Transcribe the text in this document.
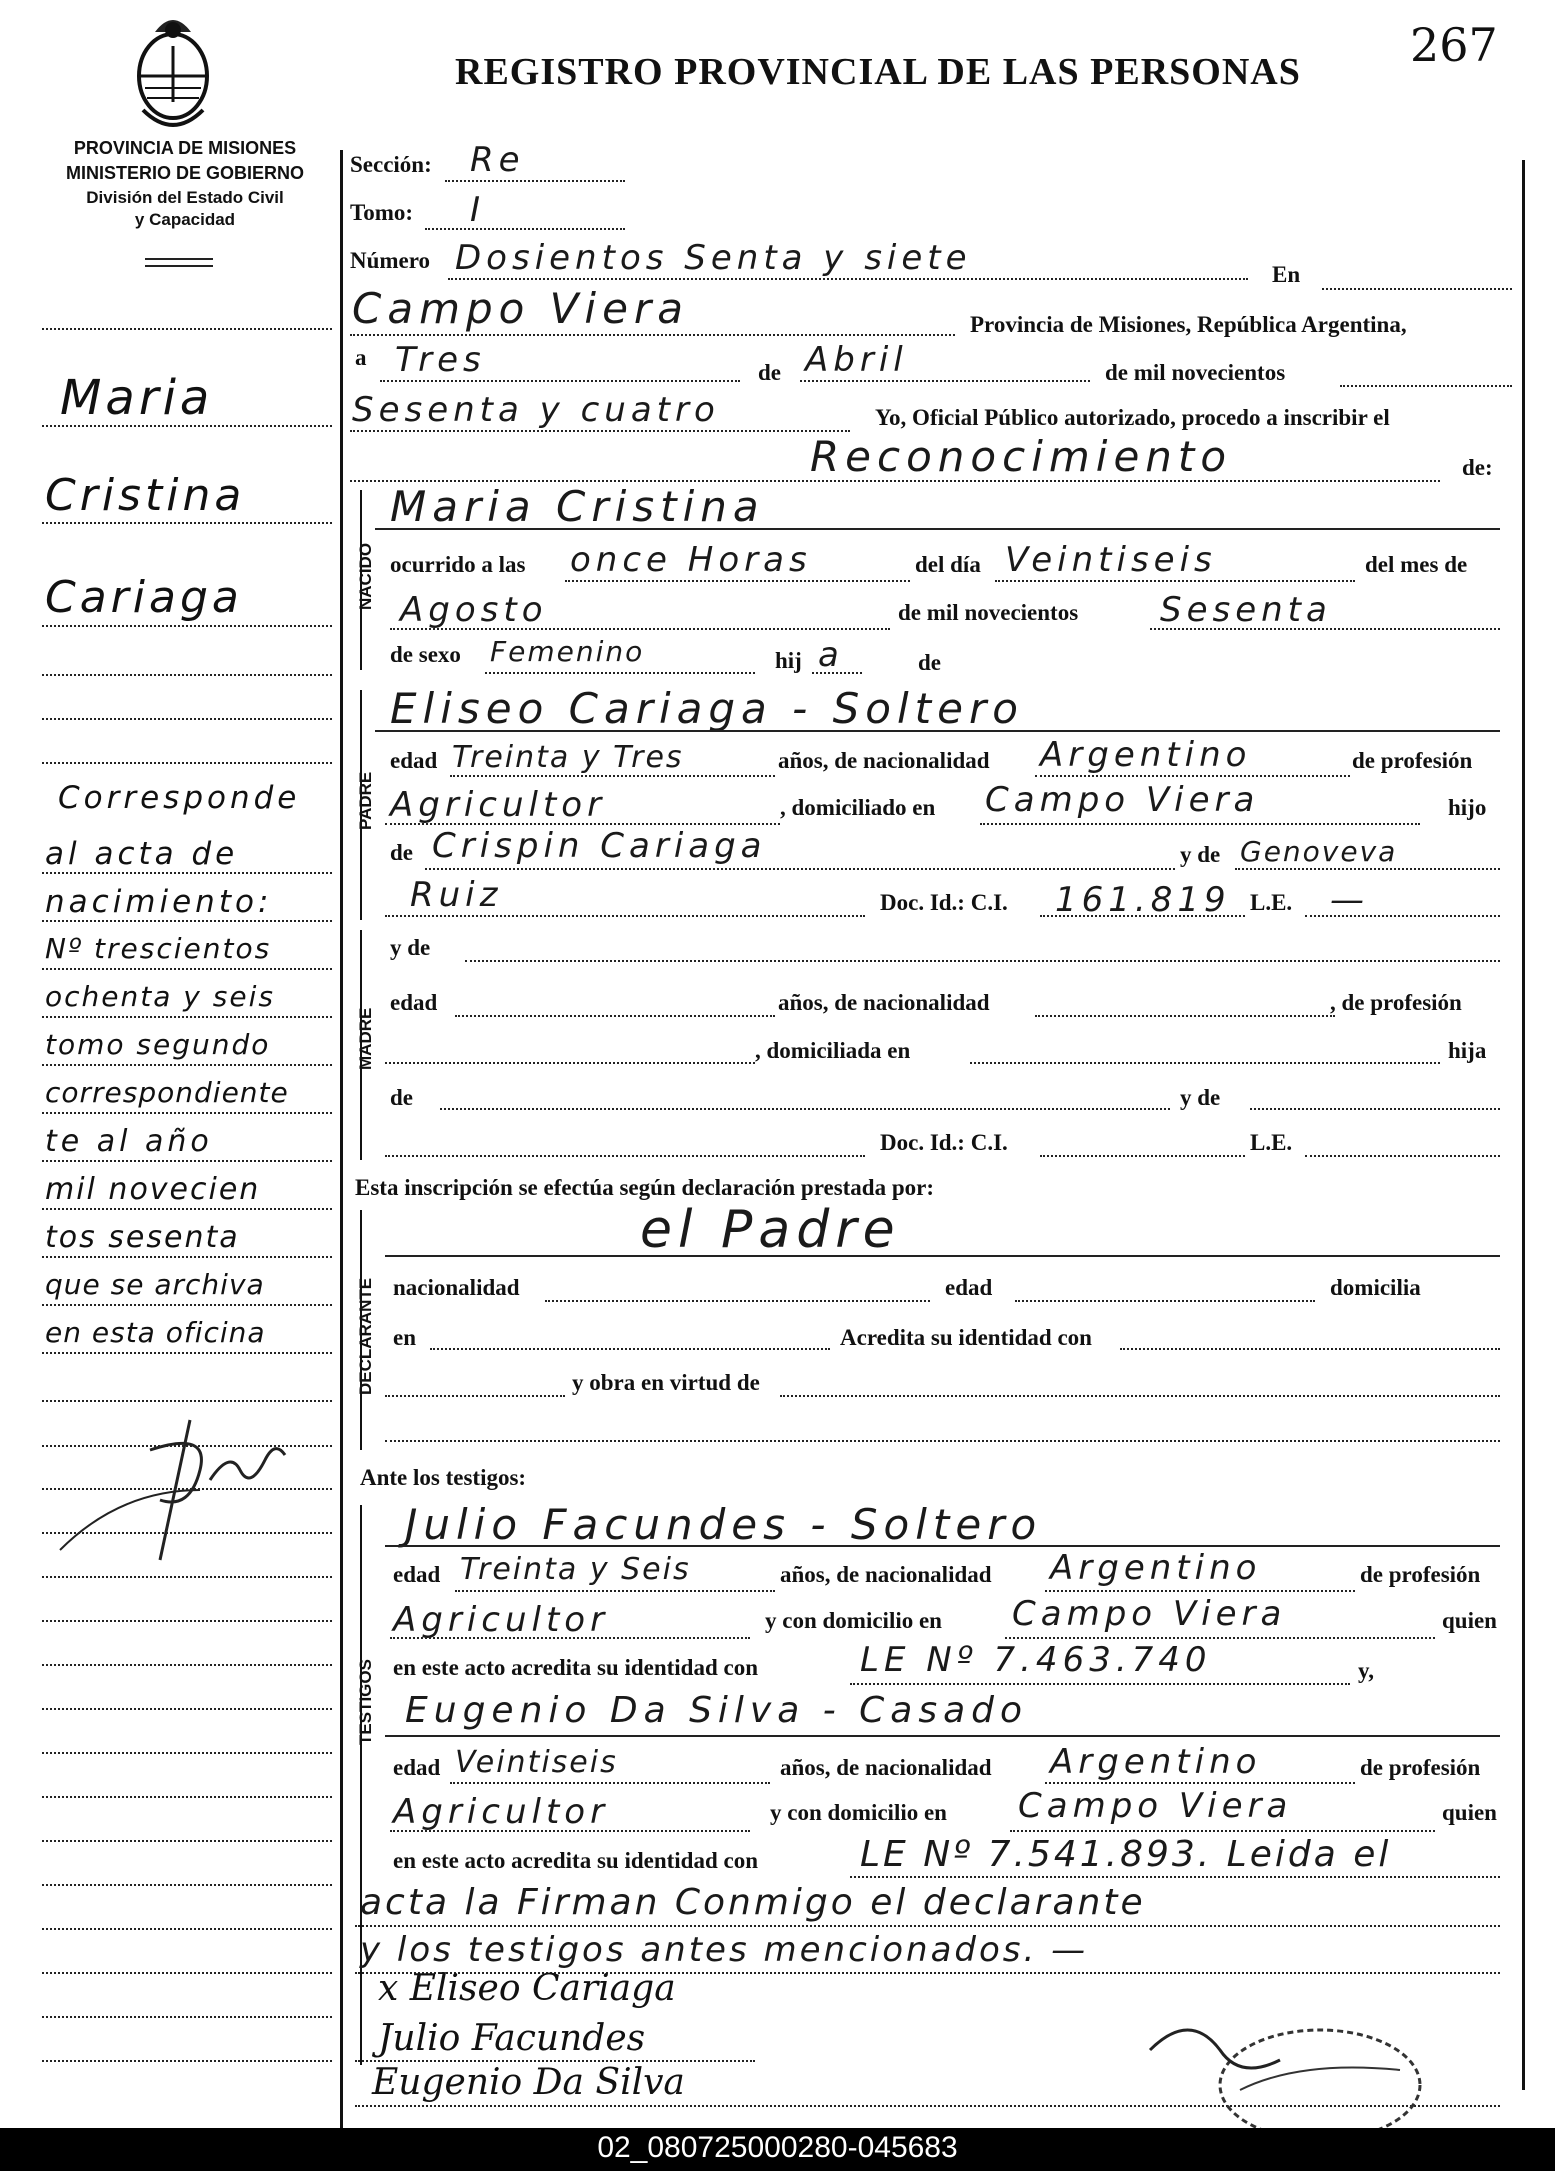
REGISTRO PROVINCIAL DE LAS PERSONAS 267
PROVINCIA DE MISIONES
MINISTERIO DE GOBIERNO
División del Estado Civil
y Capacidad
Maria
Cristina
Cariaga
Corresponde
al acta de
nacimiento:
Nº trescientos
ochenta y seis
tomo segundo
correspondiente
te al año
mil novecien
tos sesenta
que se archiva
en esta oficina
Sección: Re
Tomo: I
Número Dosientos Senta y siete	En
Campo Viera	Provincia de Misiones, República Argentina,
a Tres	de Abril	de mil novecientos
Sesenta y cuatro	Yo, Oficial Público autorizado, procedo a inscribir el
Reconocimiento	de:
NACIDO
Maria Cristina
ocurrido a las once Horas	del día Veintiseis	del mes de
Agosto	de mil novecientos Sesenta
de sexo Femenino	hij a	de
PADRE
Eliseo Cariaga - Soltero
edad Treinta y Tres	años, de nacionalidad Argentino	de profesión
Agricultor	, domiciliado en Campo Viera	hijo
de Crispin Cariaga	y de Genoveva
Ruiz	Doc. Id.: C.I. 161.819 L.E. —
MADRE
y de
edad	años, de nacionalidad	, de profesión
, domiciliada en	hija
de	y de
Doc. Id.: C.I.	L.E.
Esta inscripción se efectúa según declaración prestada por:
DECLARANTE
el Padre
nacionalidad	edad	domicilia
en	Acredita su identidad con
y obra en virtud de
Ante los testigos:
TESTIGOS
Julio Facundes - Soltero
edad Treinta y Seis	años, de nacionalidad Argentino	de profesión
Agricultor	y con domicilio en Campo Viera	quien
en este acto acredita su identidad con	LE Nº 7.463.740	y,
Eugenio Da Silva - Casado
edad Veintiseis	años, de nacionalidad Argentino	de profesión
Agricultor	y con domicilio en Campo Viera	quien
en este acto acredita su identidad con	LE Nº 7.541.893. Leida el
acta la Firman Conmigo el declarante
y los testigos antes mencionados. —
x Eliseo Cariaga
Julio Facundes
Eugenio Da Silva
02_080725000280-045683
